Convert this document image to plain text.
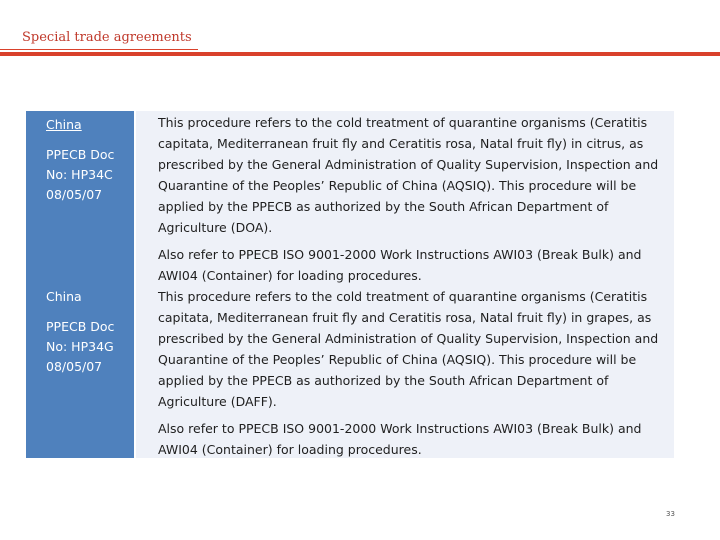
Special trade agreements
China
PPECB Doc No: HP34C 08/05/07
China
PPECB Doc No: HP34G 08/05/07

This procedure refers to the cold treatment of quarantine organisms (Ceratitis capitata, Mediterranean fruit fly and Ceratitis rosa, Natal fruit fly) in citrus, as prescribed by the General Administration of Quality Supervision, Inspection and Quarantine of the Peoples’ Republic of China (AQSIQ). This procedure will be applied by the PPECB as authorized by the South African Department of Agriculture (DOA).

Also refer to PPECB ISO 9001-2000 Work Instructions AWI03 (Break Bulk) and AWI04 (Container) for loading procedures.

This procedure refers to the cold treatment of quarantine organisms (Ceratitis capitata, Mediterranean fruit fly and Ceratitis rosa, Natal fruit fly) in grapes, as prescribed by the General Administration of Quality Supervision, Inspection and Quarantine of the Peoples’ Republic of China (AQSIQ). This procedure will be applied by the PPECB as authorized by the South African Department of Agriculture (DAFF).

Also refer to PPECB ISO 9001-2000 Work Instructions AWI03 (Break Bulk) and AWI04 (Container) for loading procedures.

33
